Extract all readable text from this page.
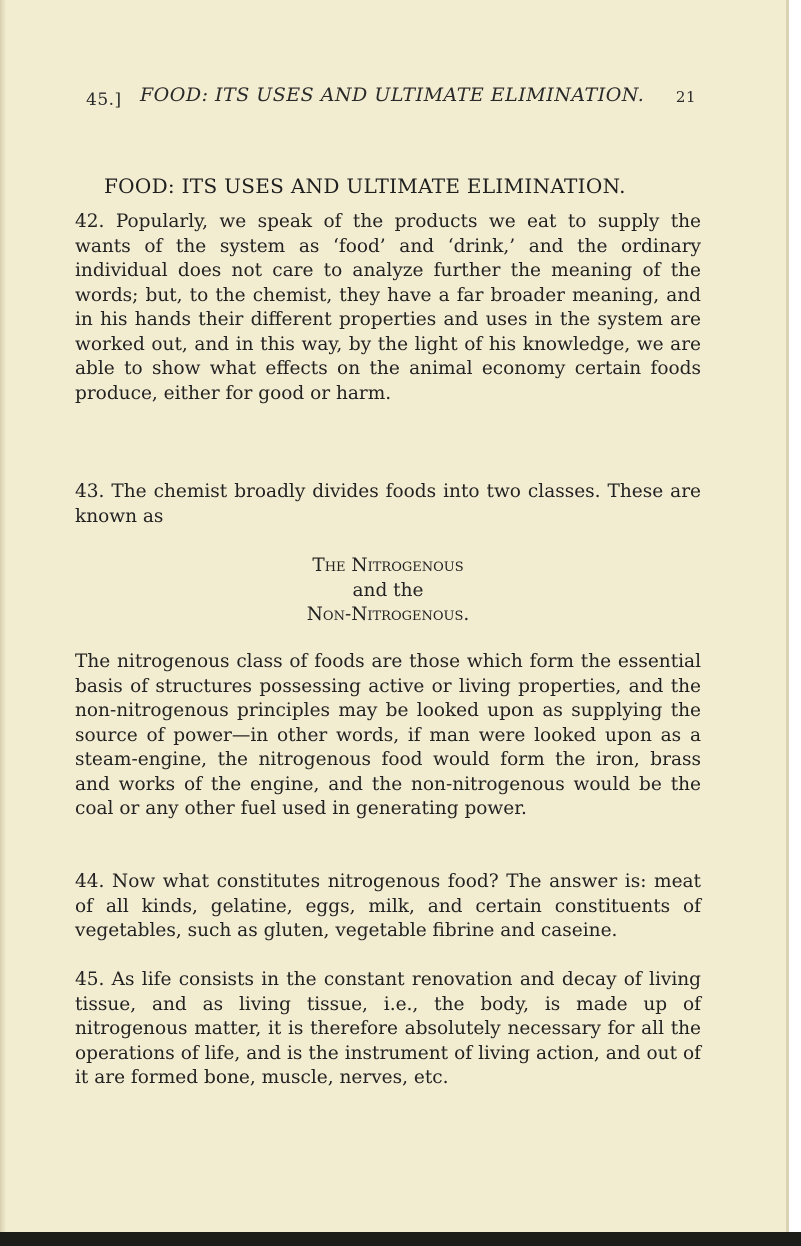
45.] FOOD: ITS USES AND ULTIMATE ELIMINATION. 21
FOOD: ITS USES AND ULTIMATE ELIMINATION.

42. Popularly, we speak of the products we eat to supply the wants of the system as ‘food’ and ‘drink,’ and the ordinary individual does not care to analyze further the meaning of the words; but, to the chemist, they have a far broader meaning, and in his hands their different properties and uses in the system are worked out, and in this way, by the light of his knowledge, we are able to show what effects on the animal economy certain foods produce, either for good or harm.

43. The chemist broadly divides foods into two classes. These are known as

The Nitrogenous
and the
Non-Nitrogenous.

The nitrogenous class of foods are those which form the essential basis of structures possessing active or living properties, and the non-nitrogenous principles may be looked upon as supplying the source of power—in other words, if man were looked upon as a steam-engine, the nitrogenous food would form the iron, brass and works of the engine, and the non-nitrogenous would be the coal or any other fuel used in generating power.

44. Now what constitutes nitrogenous food? The answer is: meat of all kinds, gelatine, eggs, milk, and certain constituents of vegetables, such as gluten, vegetable fibrine and caseine.

45. As life consists in the constant renovation and decay of living tissue, and as living tissue, i.e., the body, is made up of nitrogenous matter, it is therefore absolutely necessary for all the operations of life, and is the instrument of living action, and out of it are formed bone, muscle, nerves, etc.
